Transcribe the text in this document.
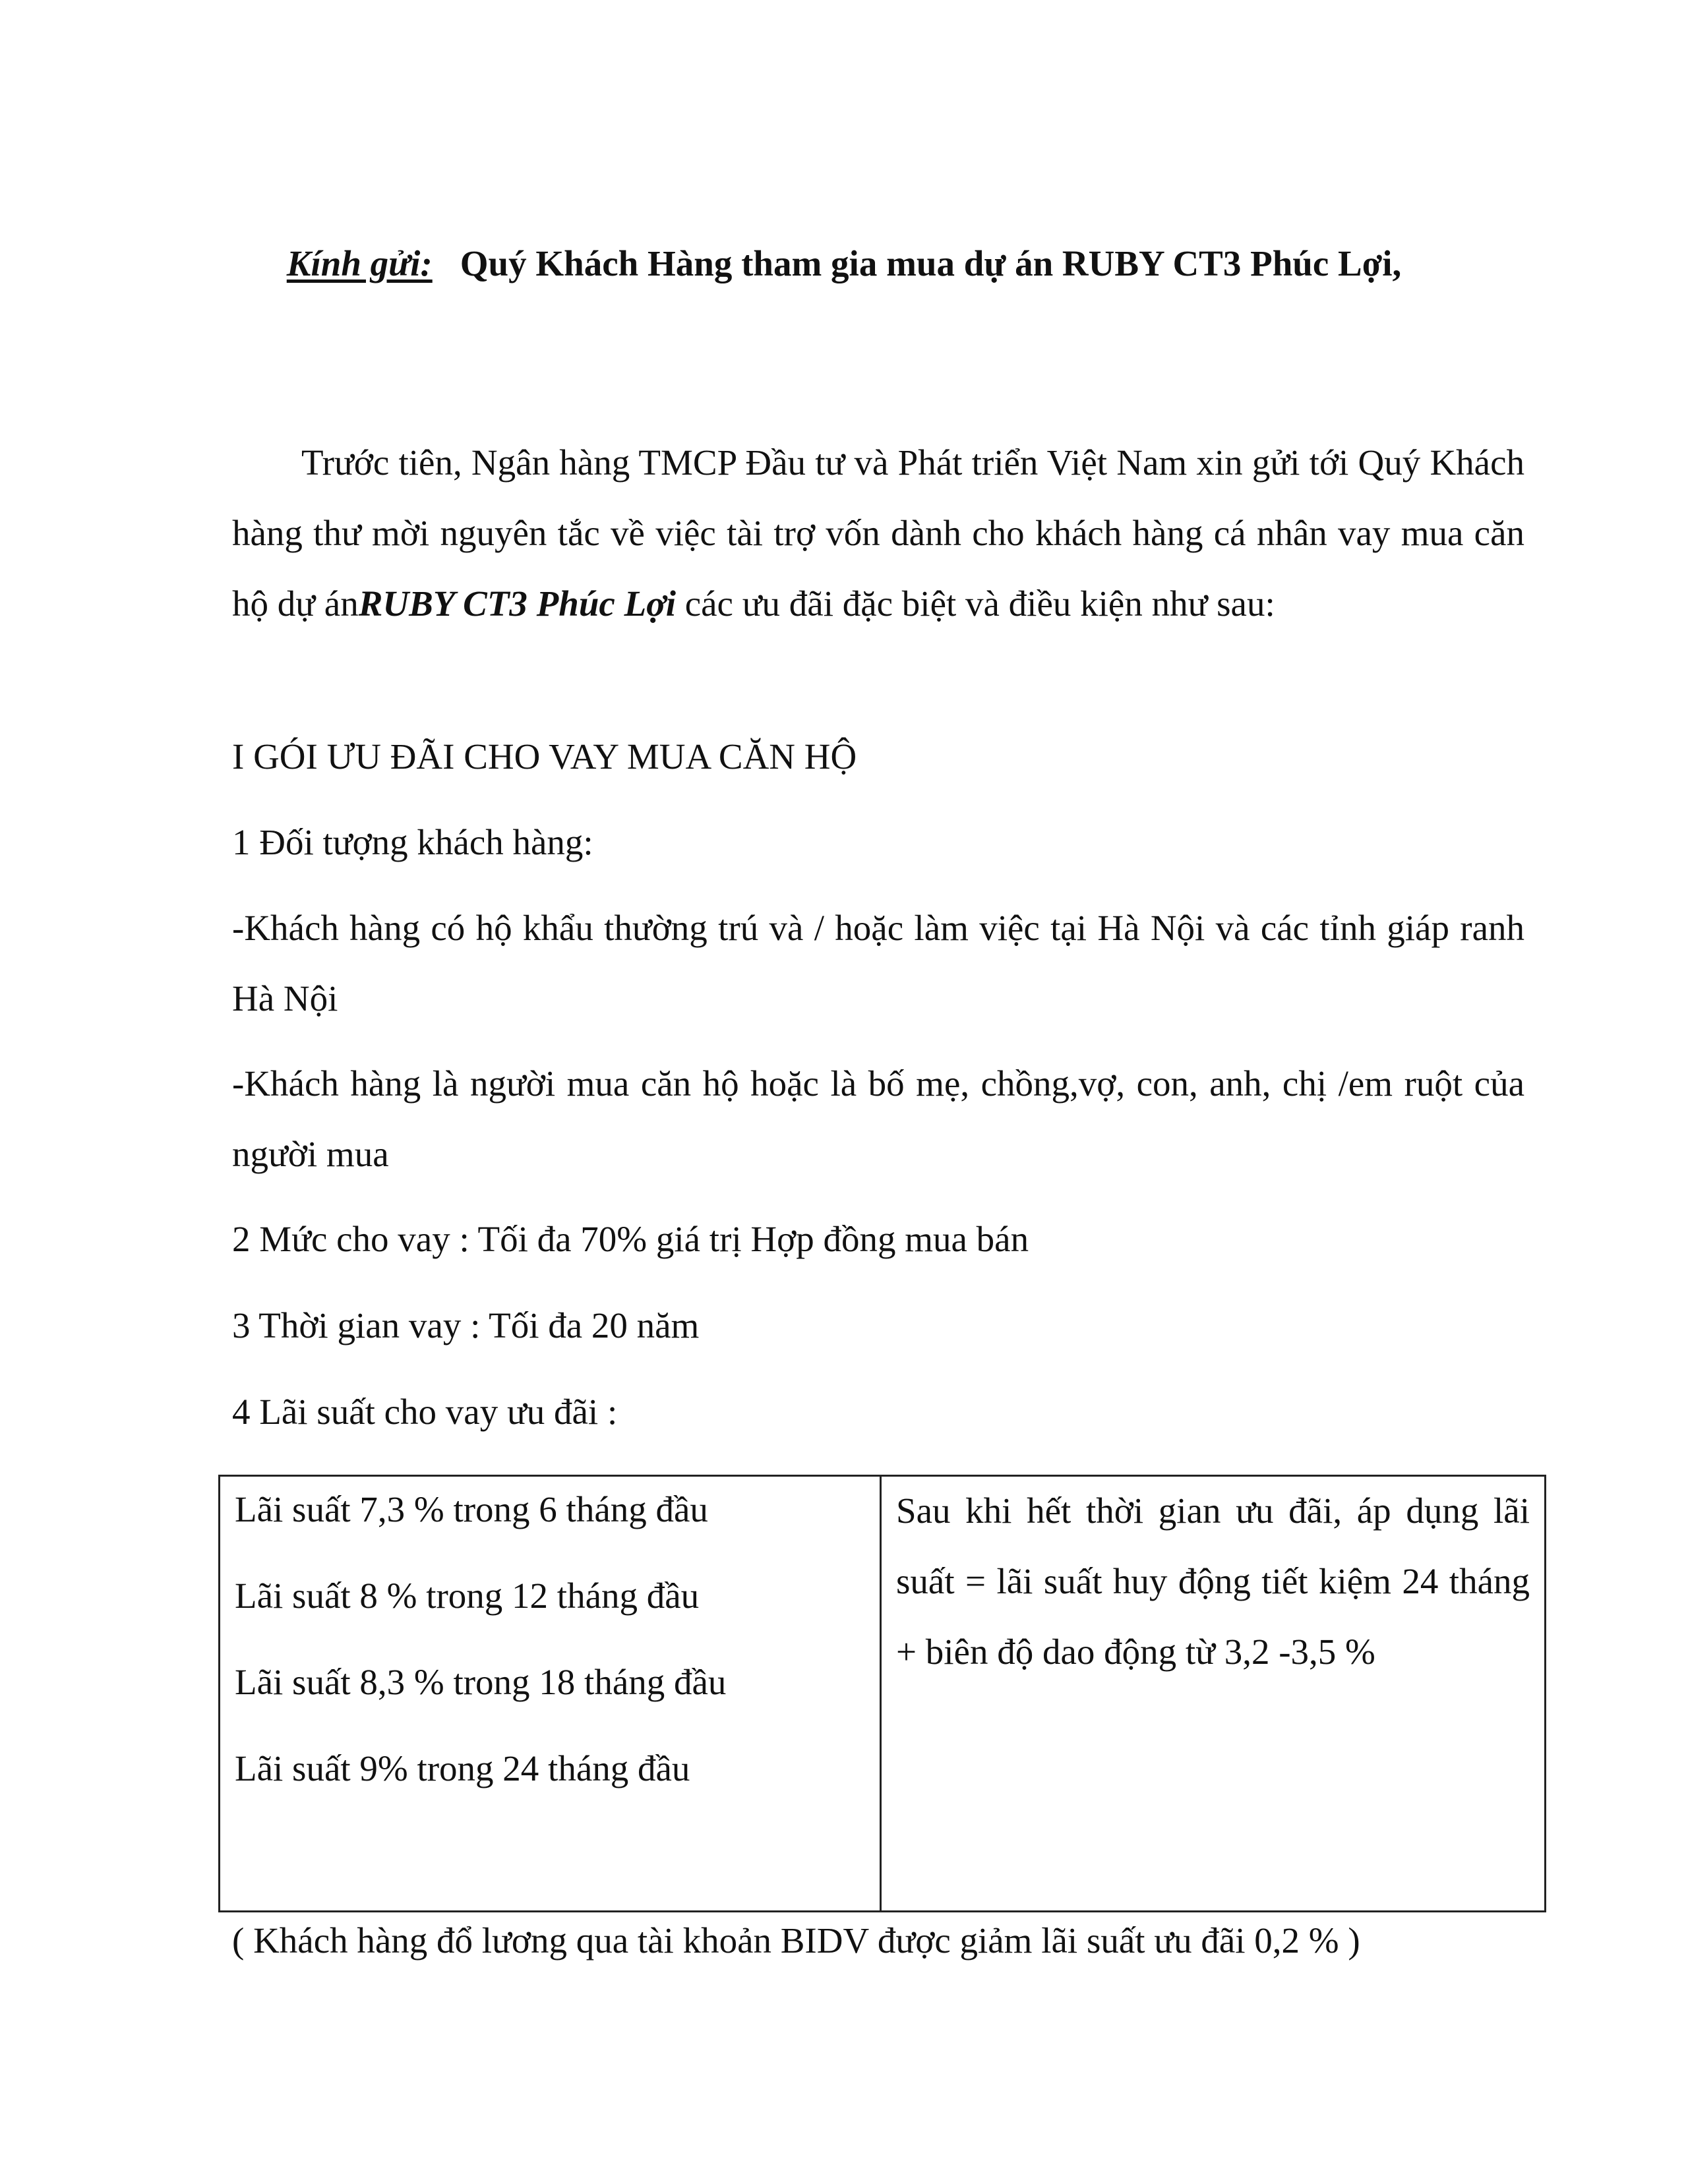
Kính gửi: Quý Khách Hàng tham gia mua dự án RUBY CT3 Phúc Lợi,

Trước tiên, Ngân hàng TMCP Đầu tư và Phát triển Việt Nam xin gửi tới Quý Khách hàng thư mời nguyên tắc về việc tài trợ vốn dành cho khách hàng cá nhân vay mua căn hộ dự ánRUBY CT3 Phúc Lợi các ưu đãi đặc biệt và điều kiện như sau:

I GÓI ƯU ĐÃI CHO VAY MUA CĂN HỘ

1 Đối tượng khách hàng:

-Khách hàng có hộ khẩu thường trú và / hoặc làm việc tại Hà Nội và các tỉnh giáp ranh Hà Nội

-Khách hàng là người mua căn hộ hoặc là bố mẹ, chồng,vợ, con, anh, chị /em ruột của người mua

2 Mức cho vay : Tối đa 70% giá trị Hợp đồng mua bán

3 Thời gian vay : Tối đa 20 năm

4 Lãi suất cho vay ưu đãi :

Lãi suất 7,3 % trong 6 tháng đầu
Lãi suất 8 % trong 12 tháng đầu
Lãi suất 8,3 % trong 18 tháng đầu
Lãi suất 9% trong 24 tháng đầu

Sau khi hết thời gian ưu đãi, áp dụng lãi suất = lãi suất huy động tiết kiệm 24 tháng + biên độ dao động từ 3,2 -3,5 %

( Khách hàng đổ lương qua tài khoản BIDV được giảm lãi suất ưu đãi 0,2 % )
